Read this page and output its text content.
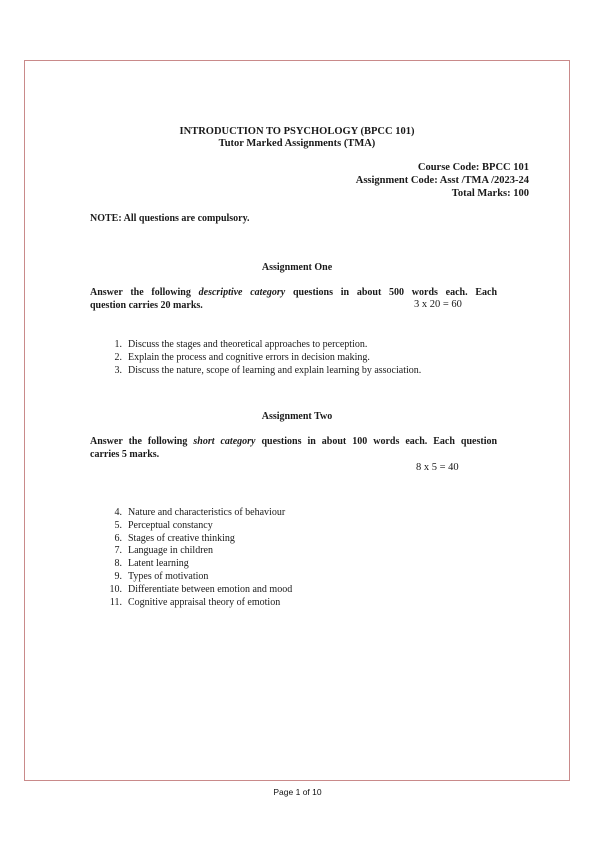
INTRODUCTION TO PSYCHOLOGY (BPCC 101)
Tutor Marked Assignments (TMA)
Course Code: BPCC 101
Assignment Code: Asst /TMA /2023-24
Total Marks: 100
NOTE: All questions are compulsory.
Assignment One
Answer the following descriptive category questions in about 500 words each. Each
question carries 20 marks.	3 x 20 = 60
1. Discuss the stages and theoretical approaches to perception.
2. Explain the process and cognitive errors in decision making.
3. Discuss the nature, scope of learning and explain learning by association.
Assignment Two
Answer the following short category questions in about 100 words each. Each question
carries 5 marks.
8 x 5 = 40
4. Nature and characteristics of behaviour
5. Perceptual constancy
6. Stages of creative thinking
7. Language in children
8. Latent learning
9. Types of motivation
10. Differentiate between emotion and mood
11. Cognitive appraisal theory of emotion
Page 1 of 10
